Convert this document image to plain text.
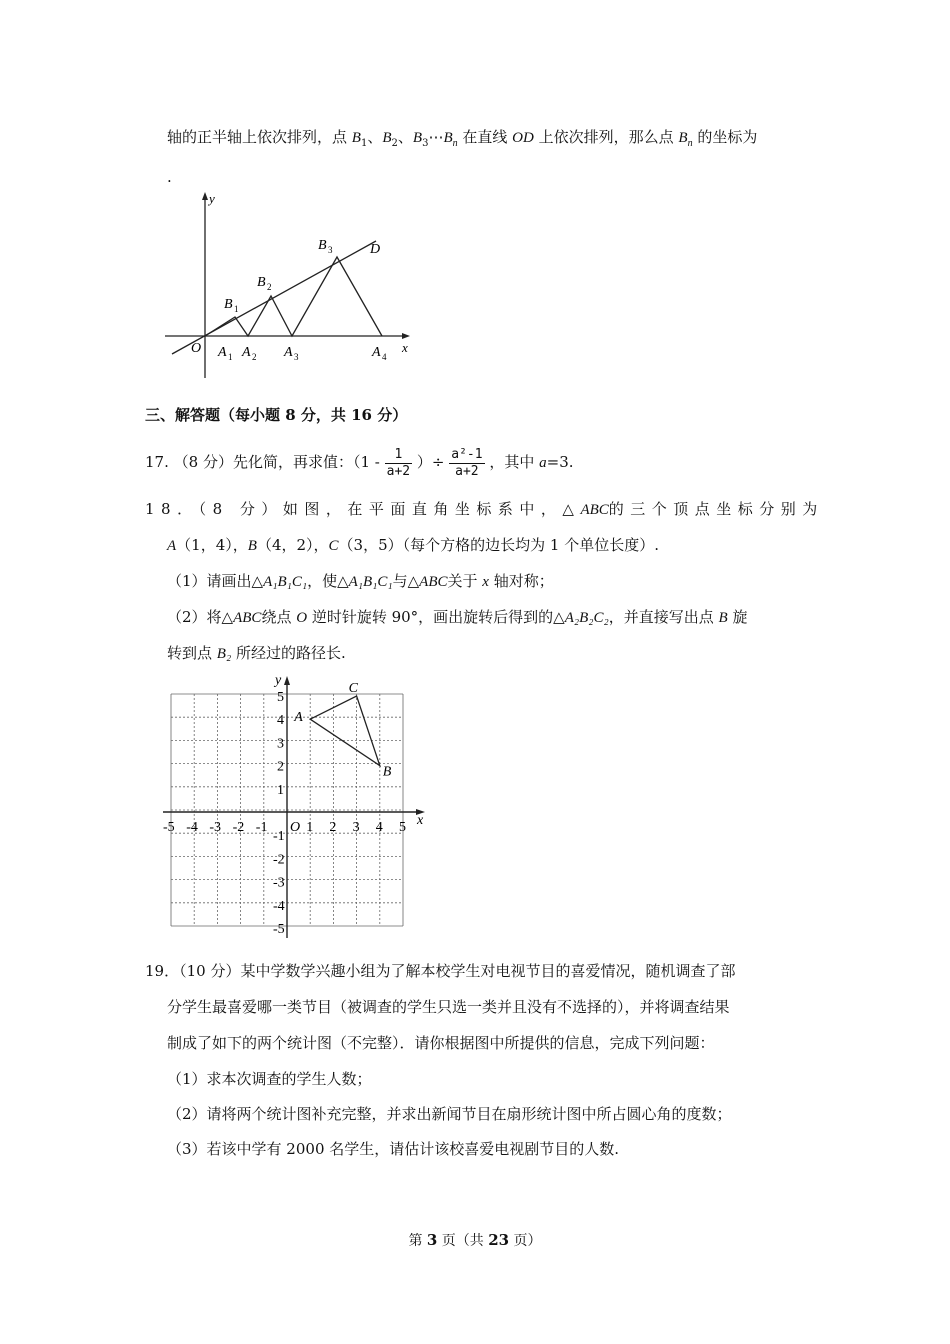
轴的正半轴上依次排列，点 $B_1$、$B_2$、$B_3\cdots B_n$ 在直线 OD 上依次排列，那么点 $B_n$ 的坐标为
.
y
x
O
D
B 1
B 2
B 3
A 1 A 2 A 3	A 4
三、解答题（每小题 8 分，共 16 分）
17. （8 分）先化简，再求值：（$1 - \frac{1}{a+2}$ ）÷ $\frac{\text{a²-1}}{a+2}$ ，其中 a=3.
18．（8 分）如图，在平面直角坐标系中，△ABC的三个顶点坐标分别为
A（1，4），B（4，2），C（3，5）（每个方格的边长均为 1 个单位长度）.
（1）请画出△A₁B₁C₁，使△A₁B₁C₁与△ABC关于 x 轴对称；
（2）将△ABC绕点 O 逆时针旋转 90°，画出旋转后得到的△A₂B₂C₂，并直接写出点 B 旋
转到点 B₂ 所经过的路径长.
-5 -4 -3 -2 -1	1 2 3 4 5
5
4
3
2
1
-1
-2
-3
-4
-5
x
y
O
A
B
C
19．（10 分）某中学数学兴趣小组为了解本校学生对电视节目的喜爱情况，随机调查了部
分学生最喜爱哪一类节目（被调查的学生只选一类并且没有不选择的），并将调查结果
制成了如下的两个统计图（不完整）．请你根据图中所提供的信息，完成下列问题：
（1）求本次调查的学生人数；
（2）请将两个统计图补充完整，并求出新闻节目在扇形统计图中所占圆心角的度数；
（3）若该中学有 2000 名学生，请估计该校喜爱电视剧节目的人数.
第 3 页（共 23 页）
